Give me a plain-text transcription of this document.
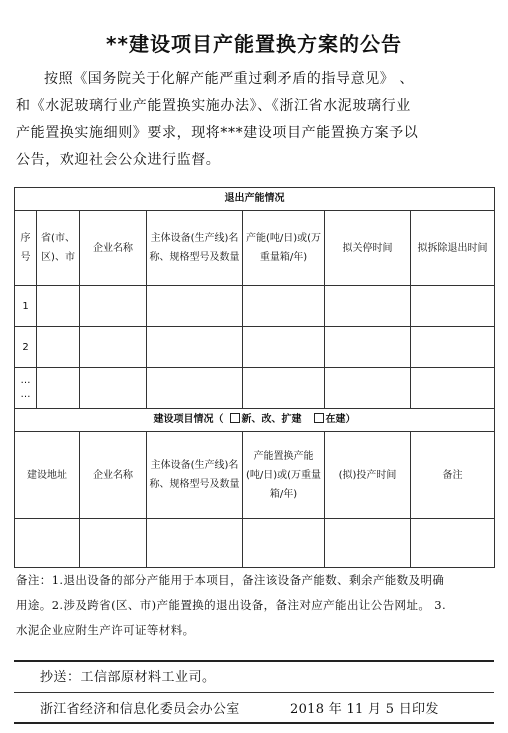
**建设项目产能置换方案的公告

按照《国务院关于化解产能严重过剩矛盾的指导意见》 、

和《水泥玻璃行业产能置换实施办法》、《浙江省水泥玻璃行业
产能置换实施细则》要求，现将***建设项目产能置换方案予以
公告，欢迎社会公众进行监督。
退出产能情况						
序号	省(市、区)、市	企业名称	主体设备(生产线)名称、规格型号及数量	产能(吨/日)或(万重量箱/年)	拟关停时间	拟拆除退出时间
1						
2						
…
…						
建设项目情况（ 新、改、扩建 在建）						
建设地址		企业名称	主体设备(生产线)名称、规格型号及数量	产能置换产能(吨/日)或(万重量箱/年)	(拟)投产时间	备注

备注：1.退出设备的部分产能用于本项目，备注该设备产能数、剩余产能数及明确
用途。2.涉及跨省(区、市)产能置换的退出设备，备注对应产能出让公告网址。 3.
水泥企业应附生产许可证等材料。
抄送：工信部原材料工业司。
浙江省经济和信息化委员会办公室	2018 年 11 月 5 日印发
